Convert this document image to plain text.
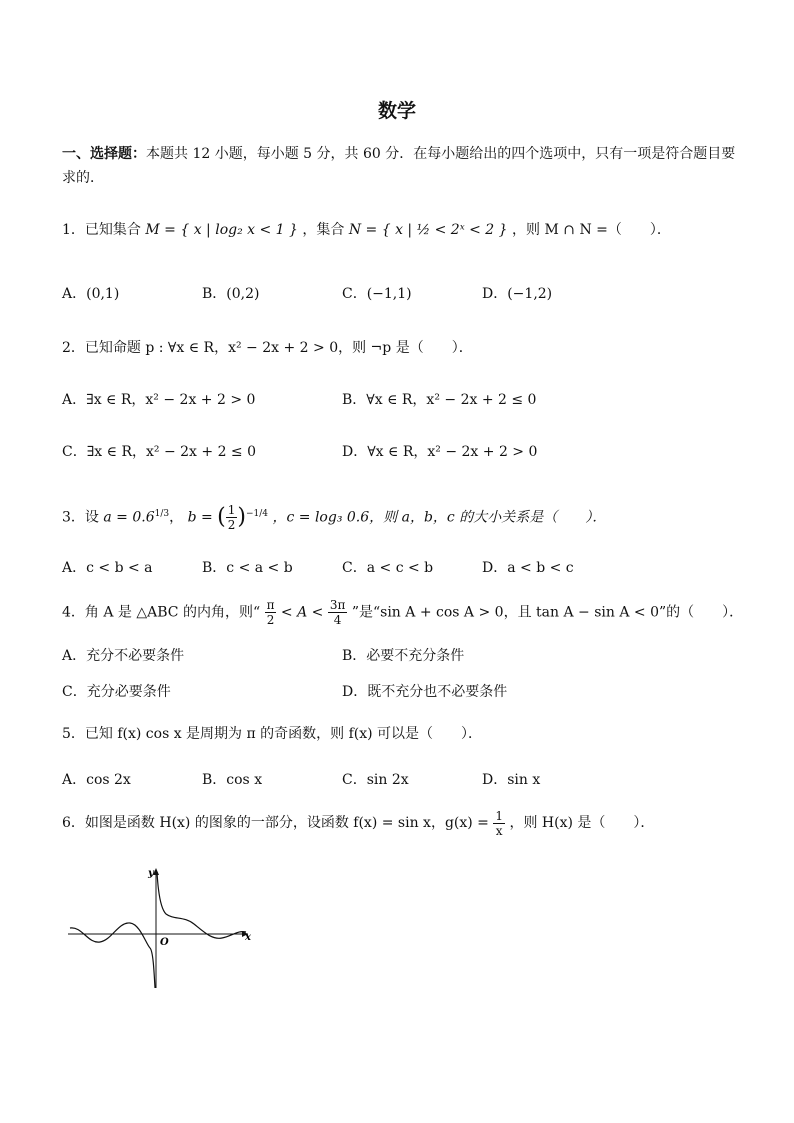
数学
一、选择题：本题共 12 小题，每小题 5 分，共 60 分．在每小题给出的四个选项中，只有一项是符合题目要
求的．
1．已知集合 M = { x | log₂ x < 1 } ，集合 N = { x | ½ < 2ˣ < 2 } ，则 M ∩ N =（　　）．
A．(0,1)	B．(0,2)	C．(−1,1)	D．(−1,2)
2．已知命题 p : ∀x ∈ R，x² − 2x + 2 > 0，则 ¬p 是（　　）．
A．∃x ∈ R，x² − 2x + 2 > 0	B．∀x ∈ R，x² − 2x + 2 ≤ 0
C．∃x ∈ R，x² − 2x + 2 ≤ 0	D．∀x ∈ R，x² − 2x + 2 > 0
3．设 $a = 0.6^{1/3}$， b = ( $\frac{1}{2} )^{-1/4}$ ，c = log₃ 0.6，则 a，b，c 的大小关系是（　　）．
A．c < b < a	B．c < a < b	C．a < c < b	D．a < b < c
4．角 A 是 △ABC 的内角，则“ $\frac{\pi}{2} < A < \frac{3\pi}{4}$ ”是“sin A + cos A > 0，且 tan A − sin A < 0”的（　　）．
A．充分不必要条件	B．必要不充分条件
C．充分必要条件	D．既不充分也不必要条件
5．已知 f(x) cos x 是周期为 π 的奇函数，则 f(x) 可以是（　　）．
A．cos 2x	B．cos x	C．sin 2x	D．sin x
6．如图是函数 H(x) 的图象的一部分，设函数 f(x) = sin x，$g(x) = \frac{1}{x}$ ，则 H(x) 是（　　）．
y
x
O
